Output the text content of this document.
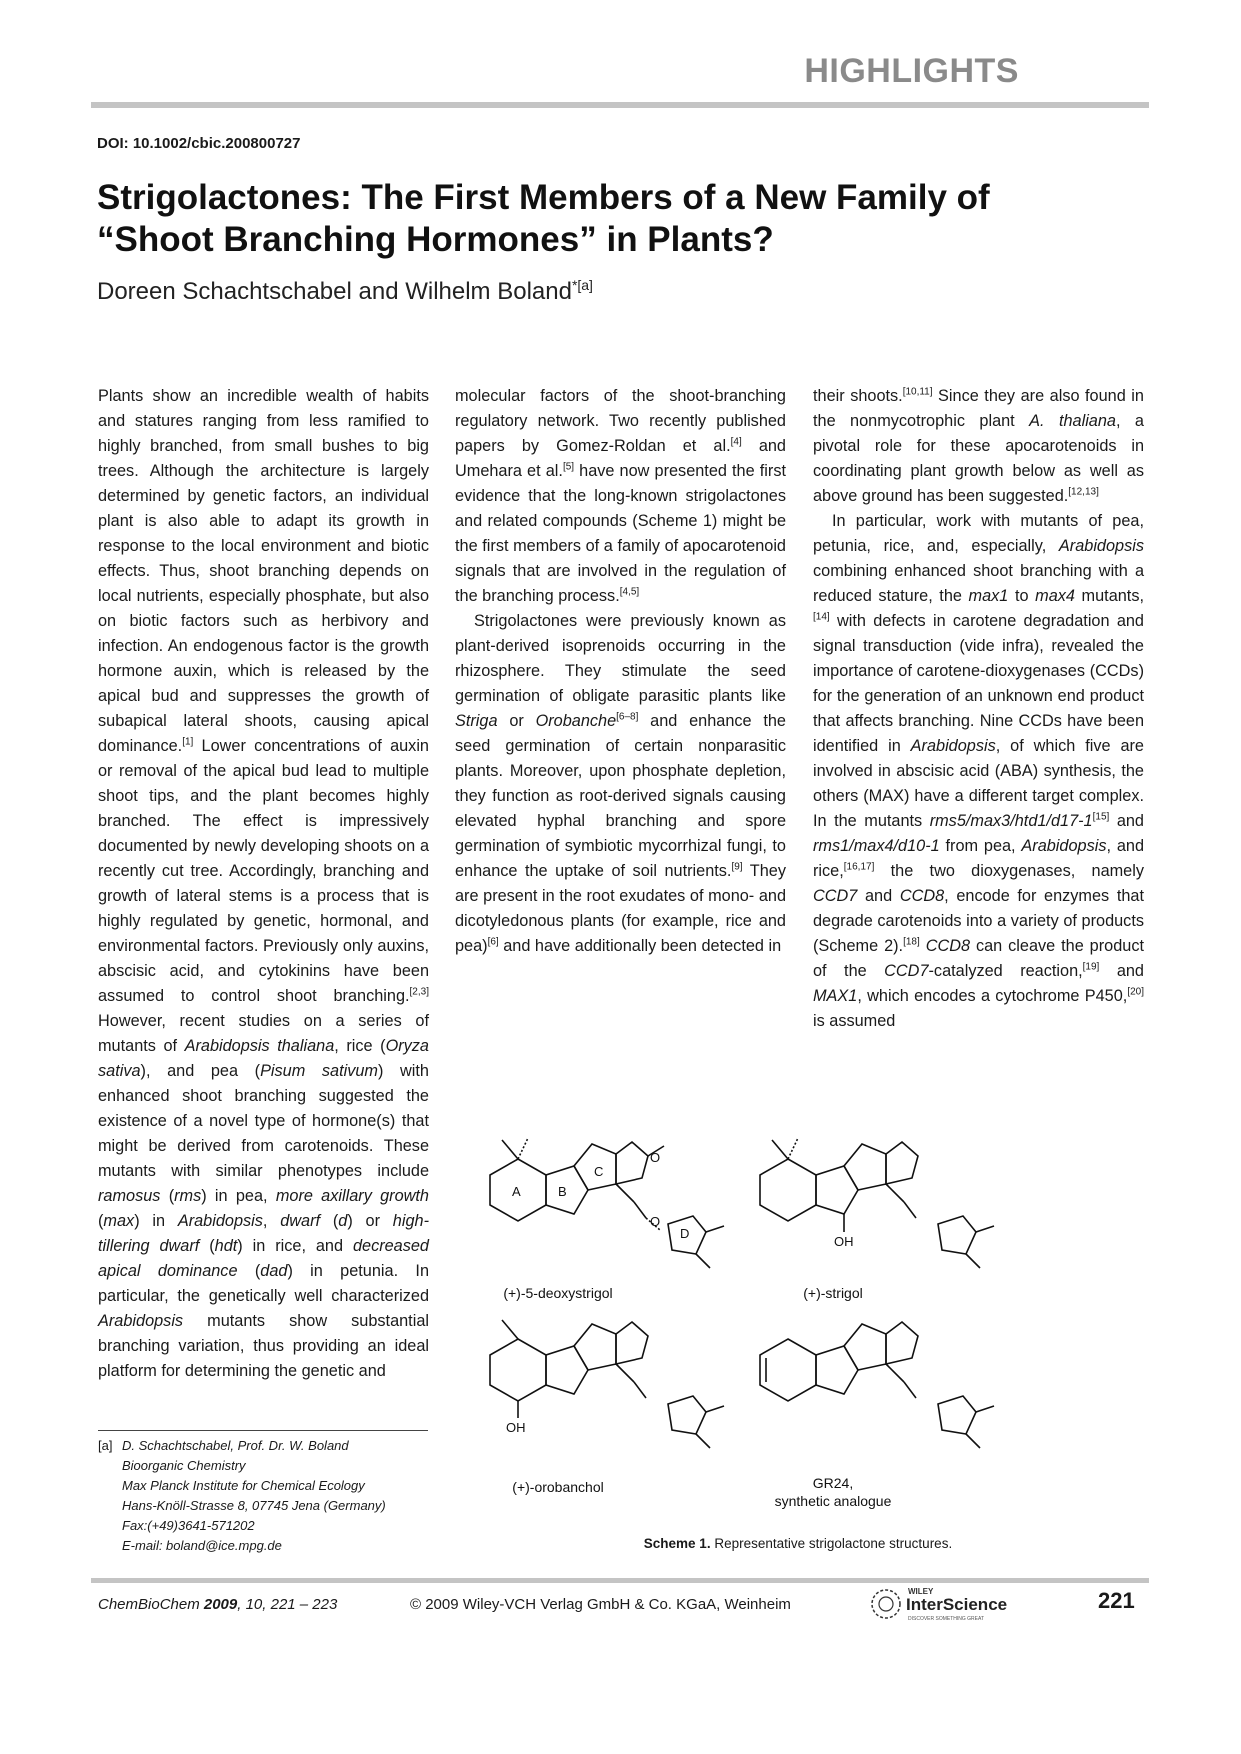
HIGHLIGHTS
DOI: 10.1002/cbic.200800727
Strigolactones: The First Members of a New Family of
“Shoot Branching Hormones” in Plants?
Doreen Schachtschabel and Wilhelm Boland$^{*[a]}$

Plants show an incredible wealth of habits and statures ranging from less ramified to highly branched, from small bushes to big trees. Although the architecture is largely determined by genetic factors, an individual plant is also able to adapt its growth in response to the local environment and biotic effects. Thus, shoot branching depends on local nutrients, especially phosphate, but also on biotic factors such as herbivory and infection. An endogenous factor is the growth hormone auxin, which is released by the apical bud and suppresses the growth of subapical lateral shoots, causing apical dominance.[1] Lower concentrations of auxin or removal of the apical bud lead to multiple shoot tips, and the plant becomes highly branched. The effect is impressively documented by newly developing shoots on a recently cut tree. Accordingly, branching and growth of lateral stems is a process that is highly regulated by genetic, hormonal, and environmental factors. Previously only auxins, abscisic acid, and cytokinins have been assumed to control shoot branching.[2,3] However, recent studies on a series of mutants of Arabidopsis thaliana, rice (Oryza sativa), and pea (Pisum sativum) with enhanced shoot branching suggested the existence of a novel type of hormone(s) that might be derived from carotenoids. These mutants with similar phenotypes include ramosus (rms) in pea, more axillary growth (max) in Arabidopsis, dwarf (d) or high-tillering dwarf (hdt) in rice, and decreased apical dominance (dad) in petunia. In particular, the genetically well characterized Arabidopsis mutants show substantial branching variation, thus providing an ideal platform for determining the genetic and

molecular factors of the shoot-branching regulatory network. Two recently published papers by Gomez-Roldan et al.[4] and Umehara et al.[5] have now presented the first evidence that the long-known strigolactones and related compounds (Scheme 1) might be the first members of a family of apocarotenoid signals that are involved in the regulation of the branching process.[4,5]

Strigolactones were previously known as plant-derived isoprenoids occurring in the rhizosphere. They stimulate the seed germination of obligate parasitic plants like Striga or Orobanche[6–8] and enhance the seed germination of certain nonparasitic plants. Moreover, upon phosphate depletion, they function as root-derived signals causing elevated hyphal branching and spore germination of symbiotic mycorrhizal fungi, to enhance the uptake of soil nutrients.[9] They are present in the root exudates of mono- and dicotyledonous plants (for example, rice and pea)[6] and have additionally been detected in

their shoots.[10,11] Since they are also found in the nonmycotrophic plant A. thaliana, a pivotal role for these apocarotenoids in coordinating plant growth below as well as above ground has been suggested.[12,13]

In particular, work with mutants of pea, petunia, rice, and, especially, Arabidopsis combining enhanced shoot branching with a reduced stature, the max1 to max4 mutants,[14] with defects in carotene degradation and signal transduction (vide infra), revealed the importance of carotene-dioxygenases (CCDs) for the generation of an unknown end product that affects branching. Nine CCDs have been identified in Arabidopsis, of which five are involved in abscisic acid (ABA) synthesis, the others (MAX) have a different target complex. In the mutants rms5/max3/htd1/d17-1[15] and rms1/max4/d10-1 from pea, Arabidopsis, and rice,[16,17] the two dioxygenases, namely CCD7 and CCD8, encode for enzymes that degrade carotenoids into a variety of products (Scheme 2).[18] CCD8 can cleave the product of the CCD7-catalyzed reaction,[19] and MAX1, which encodes a cytochrome P450,[20] is assumed

[a] D. Schachtschabel, Prof. Dr. W. Boland
Bioorganic Chemistry
Max Planck Institute for Chemical Ecology
Hans-Knöll-Strasse 8, 07745 Jena (Germany)
Fax:(+49)3641-571202
E-mail: boland@ice.mpg.de
A	B
C
D
O
O
(+)-5-deoxystrigol
OH
(+)-strigol
OH
(+)-orobanchol	GR24,
synthetic analogue
Scheme 1. Representative strigolactone structures.
ChemBioChem 2009, 10, 221 – 223	© 2009 Wiley-VCH Verlag GmbH & Co. KGaA, Weinheim
WILEY
InterScience
DISCOVER SOMETHING GREAT
221
